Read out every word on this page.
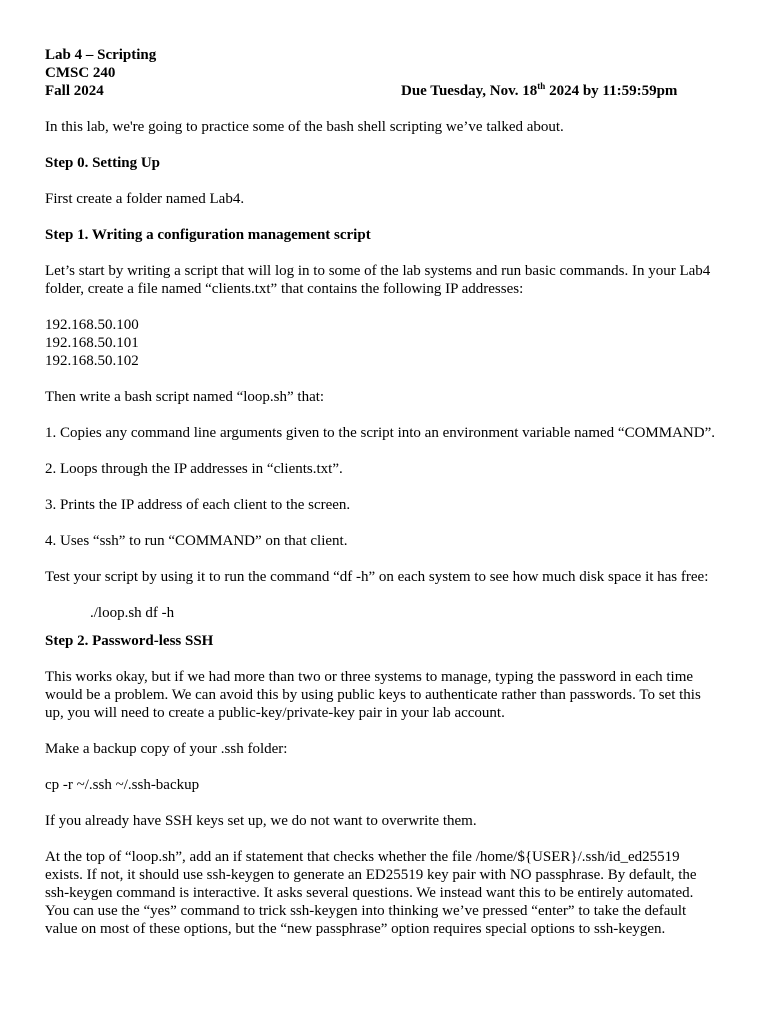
Lab 4 – Scripting
CMSC 240
Fall 2024	Due Tuesday, Nov. 18th 2024 by 11:59:59pm

In this lab, we're going to practice some of the bash shell scripting we’ve talked about.

Step 0. Setting Up

First create a folder named Lab4.

Step 1. Writing a configuration management script

Let’s start by writing a script that will log in to some of the lab systems and run basic commands. In your Lab4

folder, create a file named “clients.txt” that contains the following IP addresses:

192.168.50.100

192.168.50.101

192.168.50.102

Then write a bash script named “loop.sh” that:

1. Copies any command line arguments given to the script into an environment variable named “COMMAND”.

2. Loops through the IP addresses in “clients.txt”.

3. Prints the IP address of each client to the screen.

4. Uses “ssh” to run “COMMAND” on that client.

Test your script by using it to run the command “df -h” on each system to see how much disk space it has free:

./loop.sh df -h

Step 2. Password-less SSH

This works okay, but if we had more than two or three systems to manage, typing the password in each time

would be a problem. We can avoid this by using public keys to authenticate rather than passwords. To set this

up, you will need to create a public-key/private-key pair in your lab account.

Make a backup copy of your .ssh folder:

cp -r ~/.ssh ~/.ssh-backup

If you already have SSH keys set up, we do not want to overwrite them.

At the top of “loop.sh”, add an if statement that checks whether the file /home/${USER}/.ssh/id_ed25519

exists. If not, it should use ssh-keygen to generate an ED25519 key pair with NO passphrase. By default, the

ssh-keygen command is interactive. It asks several questions. We instead want this to be entirely automated.

You can use the “yes” command to trick ssh-keygen into thinking we’ve pressed “enter” to take the default

value on most of these options, but the “new passphrase” option requires special options to ssh-keygen.
